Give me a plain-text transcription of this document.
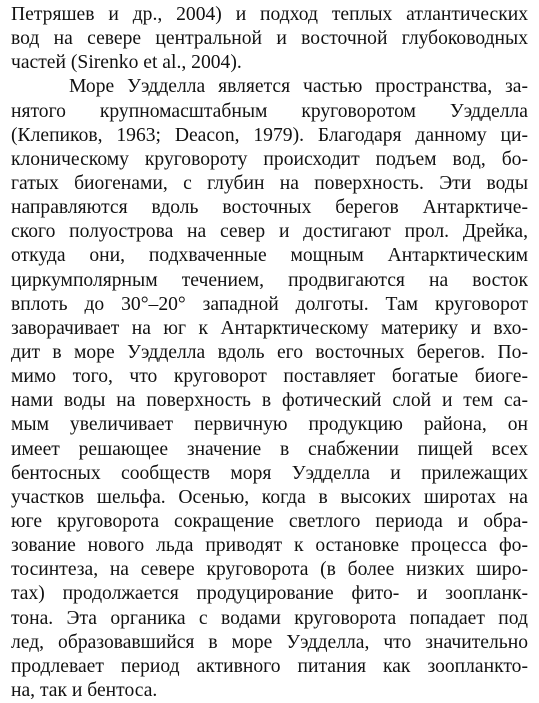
Петряшев и др., 2004) и подход теплых атлантических
вод на севере центральной и восточной глубоководных
частей (Sirenko et al., 2004).
Море Уэдделла является частью пространства, за-
нятого крупномасштабным круговоротом Уэдделла
(Клепиков, 1963; Deacon, 1979). Благодаря данному ци-
клоническому круговороту происходит подъем вод, бо-
гатых биогенами, с глубин на поверхность. Эти воды
направляются вдоль восточных берегов Антарктиче-
ского полуострова на север и достигают прол. Дрейка,
откуда они, подхваченные мощным Антарктическим
циркумполярным течением, продвигаются на восток
вплоть до 30°–20° западной долготы. Там круговорот
заворачивает на юг к Антарктическому материку и вхо-
дит в море Уэдделла вдоль его восточных берегов. По-
мимо того, что круговорот поставляет богатые биоге-
нами воды на поверхность в фотический слой и тем са-
мым увеличивает первичную продукцию района, он
имеет решающее значение в снабжении пищей всех
бентосных сообществ моря Уэдделла и прилежащих
участков шельфа. Осенью, когда в высоких широтах на
юге круговорота сокращение светлого периода и обра-
зование нового льда приводят к остановке процесса фо-
тосинтеза, на севере круговорота (в более низких широ-
тах) продолжается продуцирование фито- и зоопланк-
тона. Эта органика с водами круговорота попадает под
лед, образовавшийся в море Уэдделла, что значительно
продлевает период активного питания как зоопланкто-
на, так и бентоса.
